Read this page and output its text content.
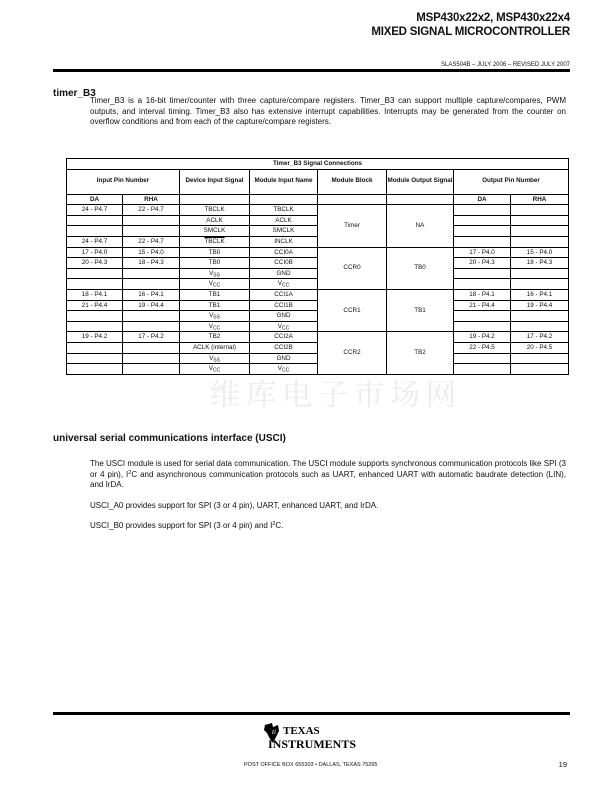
MSP430x22x2, MSP430x22x4
MIXED SIGNAL MICROCONTROLLER
SLAS504B – JULY 2006 – REVISED JULY 2007
timer_B3

Timer_B3 is a 16-bit timer/counter with three capture/compare registers. Timer_B3 can support multiple capture/compares, PWM outputs, and interval timing. Timer_B3 also has extensive interrupt capabilities. Interrupts may be generated from the counter on overflow conditions and from each of the capture/compare registers.

Timer_B3 Signal Connections							
Input Pin Number		Device Input Signal	Module Input Name	Module Block	Module Output Signal	Output Pin Number	
DA	RHA					DA	RHA
24 - P4.7	22 - P4.7	TBCLK	TBCLK	Timer	NA		
		ACLK	ACLK				
		SMCLK	SMCLK				
24 - P4.7	22 - P4.7	TBCLK	INCLK				
17 - P4.0	15 - P4.0	TB0	CCI0A	CCR0	TB0	17 - P4.0	15 - P4.0
20 - P4.3	18 - P4.3	TB0	CCI0B			20 - P4.3	18 - P4.3
		$V_{SS}$	GND				
		$V_{CC}$	$V_{CC}$		
18 - P4.1	16 - P4.1	TB1	CCI1A	CCR1	TB1	18 - P4.1	16 - P4.1
21 - P4.4	19 - P4.4	TB1	CCI1B			21 - P4.4	19 - P4.4
		$V_{SS}$	GND				
		$V_{CC}$	$V_{CC}$		
19 - P4.2	17 - P4.2	TB2	CCI2A	CCR2	TB2	19 - P4.2	17 - P4.2
		ACLK (internal)	CCI2B			22 - P4.5	20 - P4.5
		$V_{SS}$	GND				
		$V_{CC}$	$V_{CC}$		
维库电子市场网
universal serial communications interface (USCI)

The USCI module is used for serial data communication. The USCI module supports synchronous communication protocols like SPI (3 or 4 pin), $I^2C$ and asynchronous communication protocols such as UART, enhanced UART with automatic baudrate detection (LIN), and IrDA.

USCI_A0 provides support for SPI (3 or 4 pin), UART, enhanced UART, and IrDA.

USCI_B0 provides support for SPI (3 or 4 pin) and $I^2C$.

ti TEXAS
INSTRUMENTS
POST OFFICE BOX 655303 • DALLAS, TEXAS 75265	19
